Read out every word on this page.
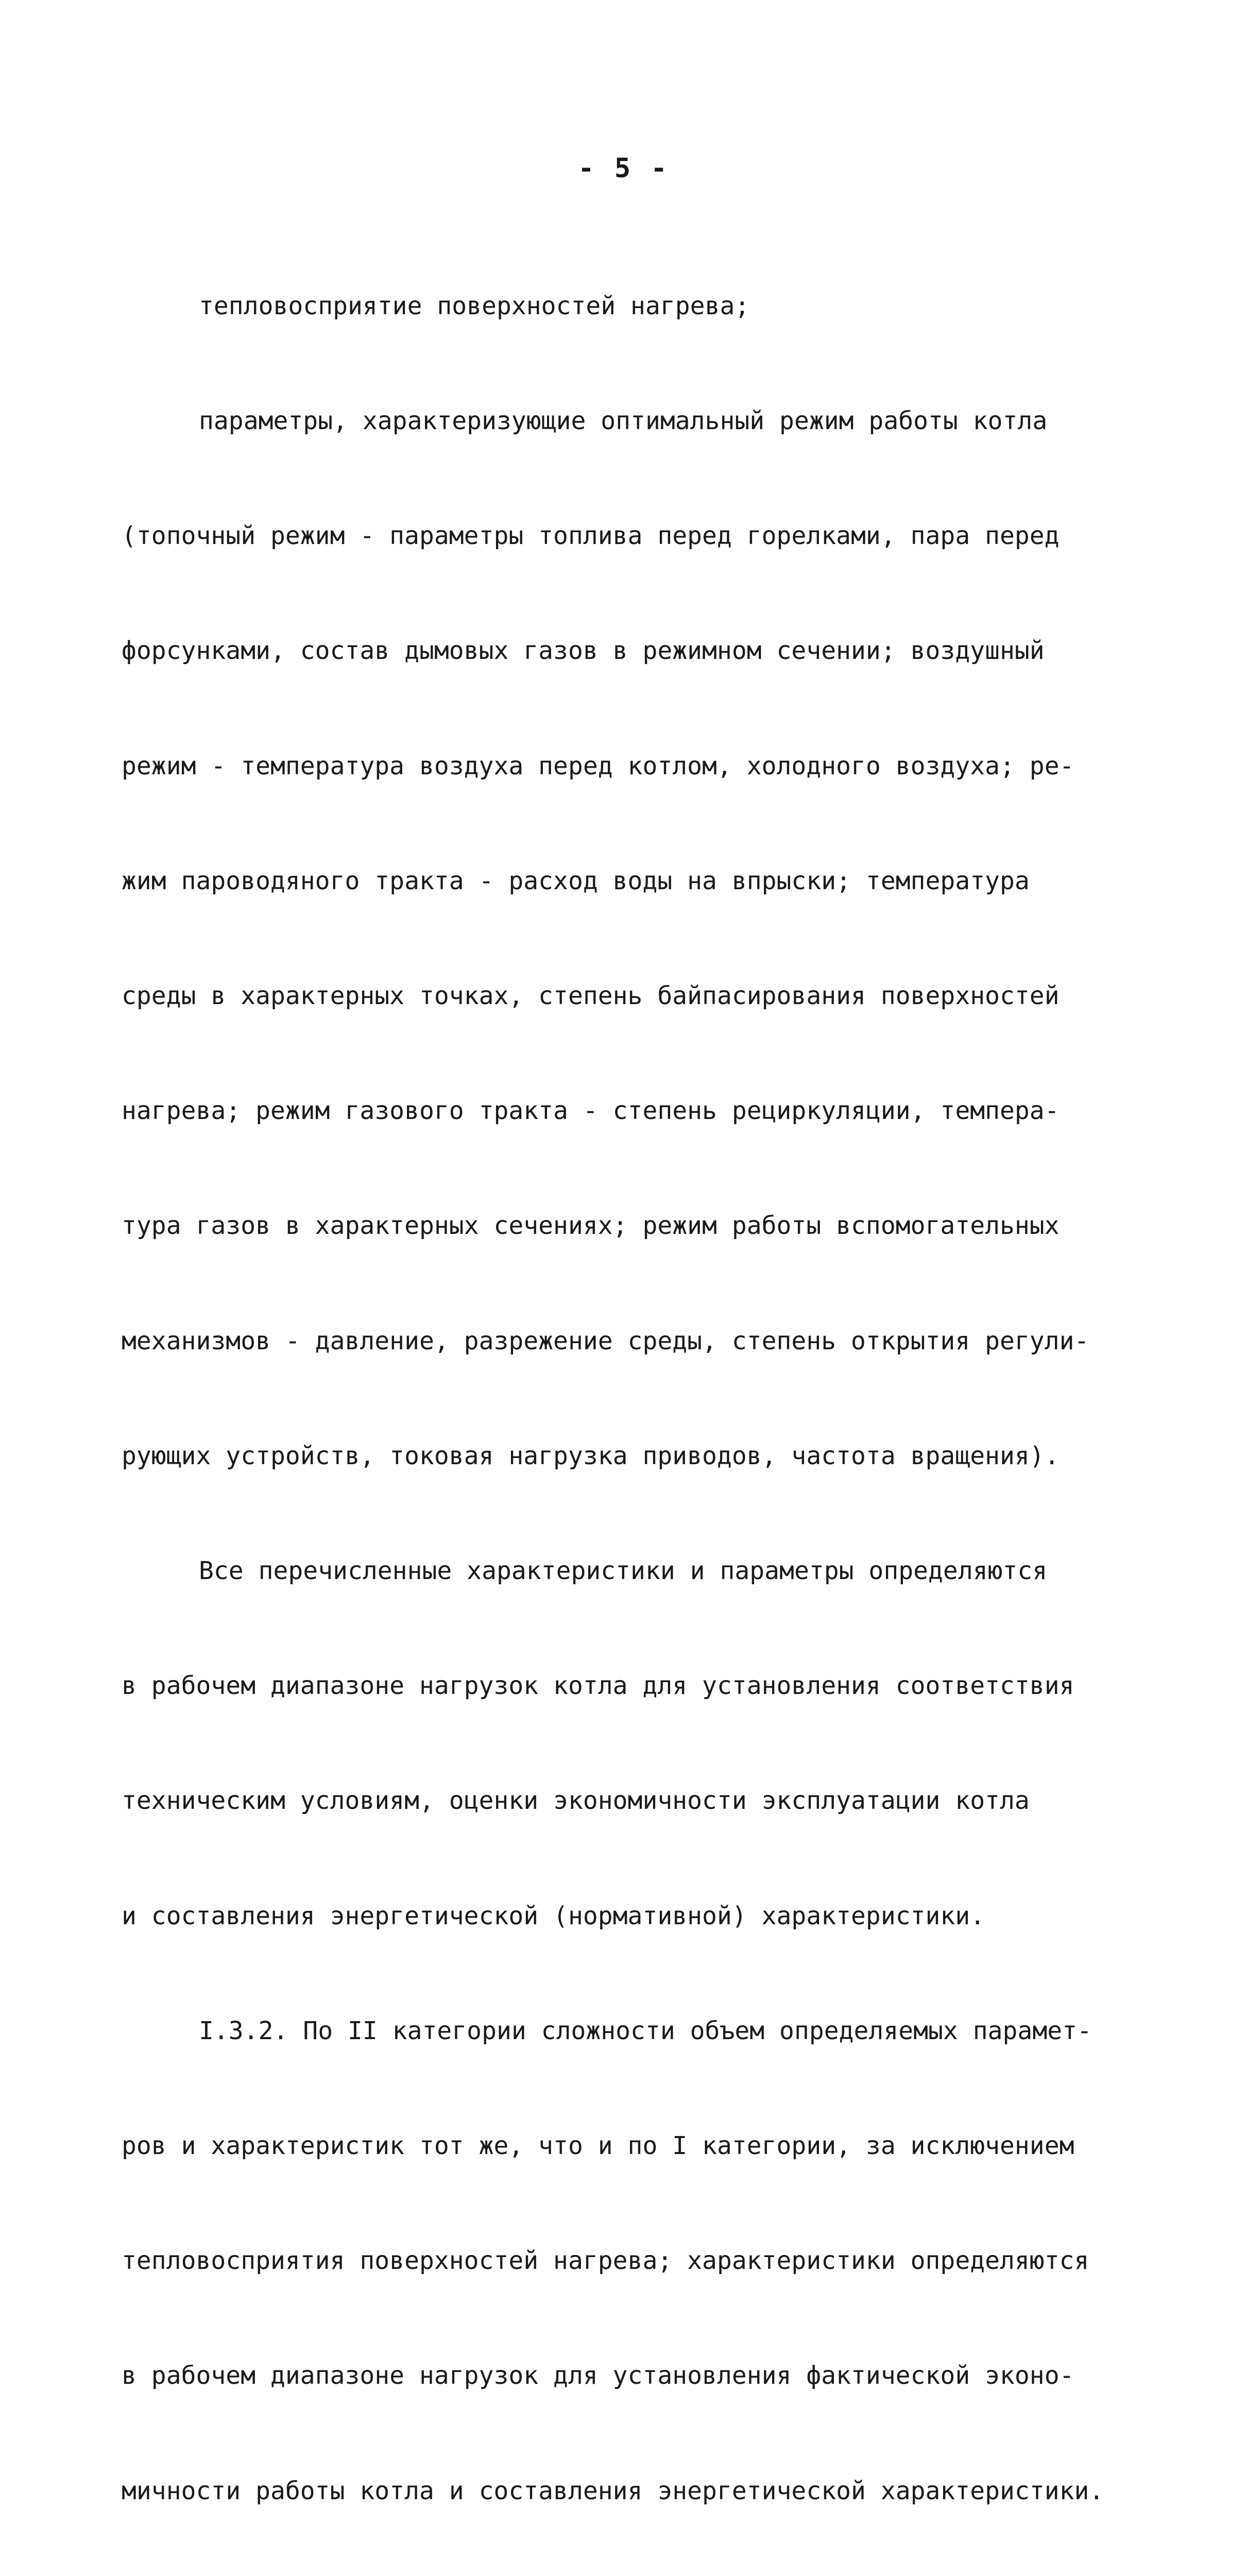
- 5 -

тепловосприятие поверхностей нагрева;

параметры, характеризующие оптимальный режим работы котла

(топочный режим - параметры топлива перед горелками, пара перед

форсунками, состав дымовых газов в режимном сечении; воздушный

режим - температура воздуха перед котлом, холодного воздуха; ре-

жим пароводяного тракта - расход воды на впрыски; температура

среды в характерных точках, степень байпасирования поверхностей

нагрева; режим газового тракта - степень рециркуляции, темпера-

тура газов в характерных сечениях; режим работы вспомогательных

механизмов - давление, разрежение среды, степень открытия регули-

рующих устройств, токовая нагрузка приводов, частота вращения).

Все перечисленные характеристики и параметры определяются

в рабочем диапазоне нагрузок котла для установления соответствия

техническим условиям, оценки экономичности эксплуатации котла

и составления энергетической (нормативной) характеристики.

I.3.2. По II категории сложности объем определяемых парамет-

ров и характеристик тот же, что и по I категории, за исключением

тепловосприятия поверхностей нагрева; характеристики определяются

в рабочем диапазоне нагрузок для установления фактической эконо-

мичности работы котла и составления энергетической характеристики.
